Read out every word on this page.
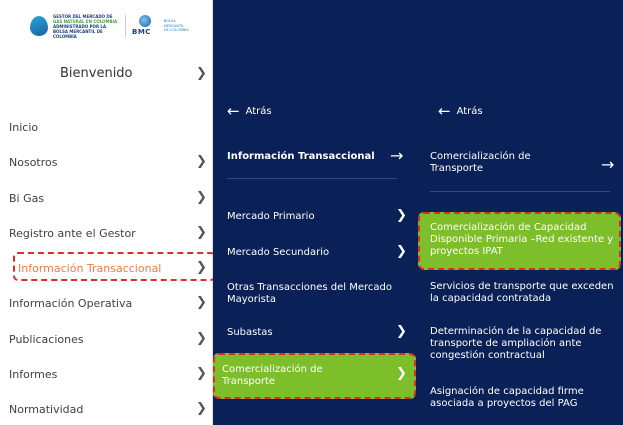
GESTOR DEL MERCADO DE
GAS NATURAL EN COLOMBIA
ADMINISTRADO POR LA BOLSA MERCANTIL DE COLOMBIA	BMC
BOLSA
MERCANTIL
DE COLOMBIA
Bienvenido	❯
Inicio
Nosotros	❯
Bi Gas	❯
Registro ante el Gestor	❯
Información Transaccional	❯
Información Operativa	❯
Publicaciones	❯
Informes	❯
Normatividad	❯
← Atrás
Información Transaccional →
Mercado Primario	❯
Mercado Secundario	❯
Otras Transacciones del Mercado Mayorista
Subastas	❯
Comercialización de Transporte
❯
← Atrás
Comercialización de Transporte	→
Comercialización de Capacidad Disponible Primaria –Red existente y proyectos IPAT
Servicios de transporte que exceden la capacidad contratada
Determinación de la capacidad de transporte de ampliación ante congestión contractual
Asignación de capacidad firme asociada a proyectos del PAG
